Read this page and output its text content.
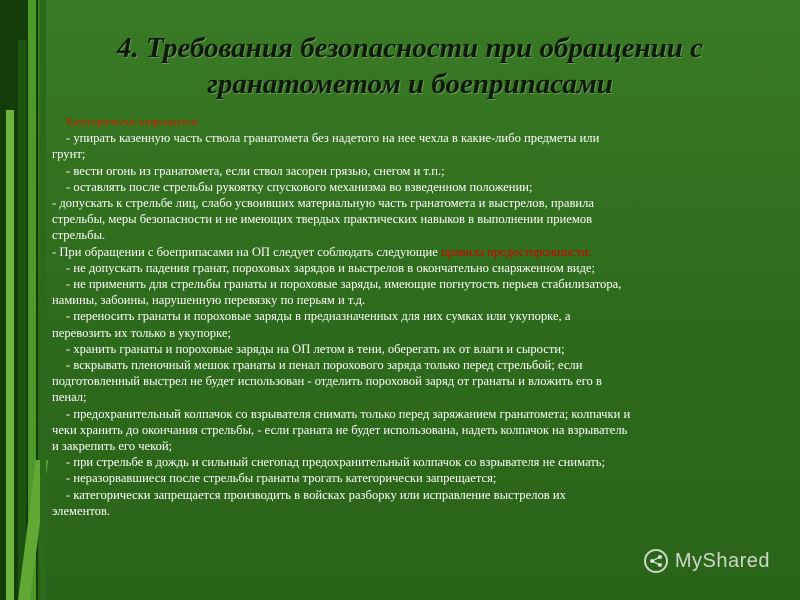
4. Требования безопасности при обращении с
гранатометом и боеприпасами
Категорически запрещается:
- упирать казенную часть ствола гранатомета без надетого на нее чехла в какие-либо предметы или
грунт;
- вести огонь из гранатомета, если ствол засорен грязью, снегом и т.п.;
- оставлять после стрельбы рукоятку спускового механизма во взведенном положении;
- допускать к стрельбе лиц, слабо усвоивших материальную часть гранатомета и выстрелов, правила
стрельбы, меры безопасности и не имеющих твердых практических навыков в выполнении приемов
стрельбы.
- При обращении с боеприпасами на ОП следует соблюдать следующие правила предосторожности:
- не допускать падения гранат, пороховых зарядов и выстрелов в окончательно снаряженном виде;
- не применять для стрельбы гранаты и пороховые заряды, имеющие погнутость перьев стабилизатора,
намины, забоины, нарушенную перевязку по перьям и т.д.
- переносить гранаты и пороховые заряды в предназначенных для них сумках или укупорке, а
перевозить их только в укупорке;
- хранить гранаты и пороховые заряды на ОП летом в тени, оберегать их от влаги и сырости;
- вскрывать пленочный мешок гранаты и пенал порохового заряда только перед стрельбой; если
подготовленный выстрел не будет использован - отделить пороховой заряд от гранаты и вложить его в
пенал;
- предохранительный колпачок со взрывателя снимать только перед заряжанием гранатомета; колпачки и
чеки хранить до окончания стрельбы, - если граната не будет использована, надеть колпачок на взрыватель
и закрепить его чекой;
- при стрельбе в дождь и сильный снегопад предохранительный колпачок со взрывателя не снимать;
- неразорвавшиеся после стрельбы гранаты трогать категорически запрещается;
- категорически запрещается производить в войсках разборку или исправление выстрелов их
элементов.
MyShared
